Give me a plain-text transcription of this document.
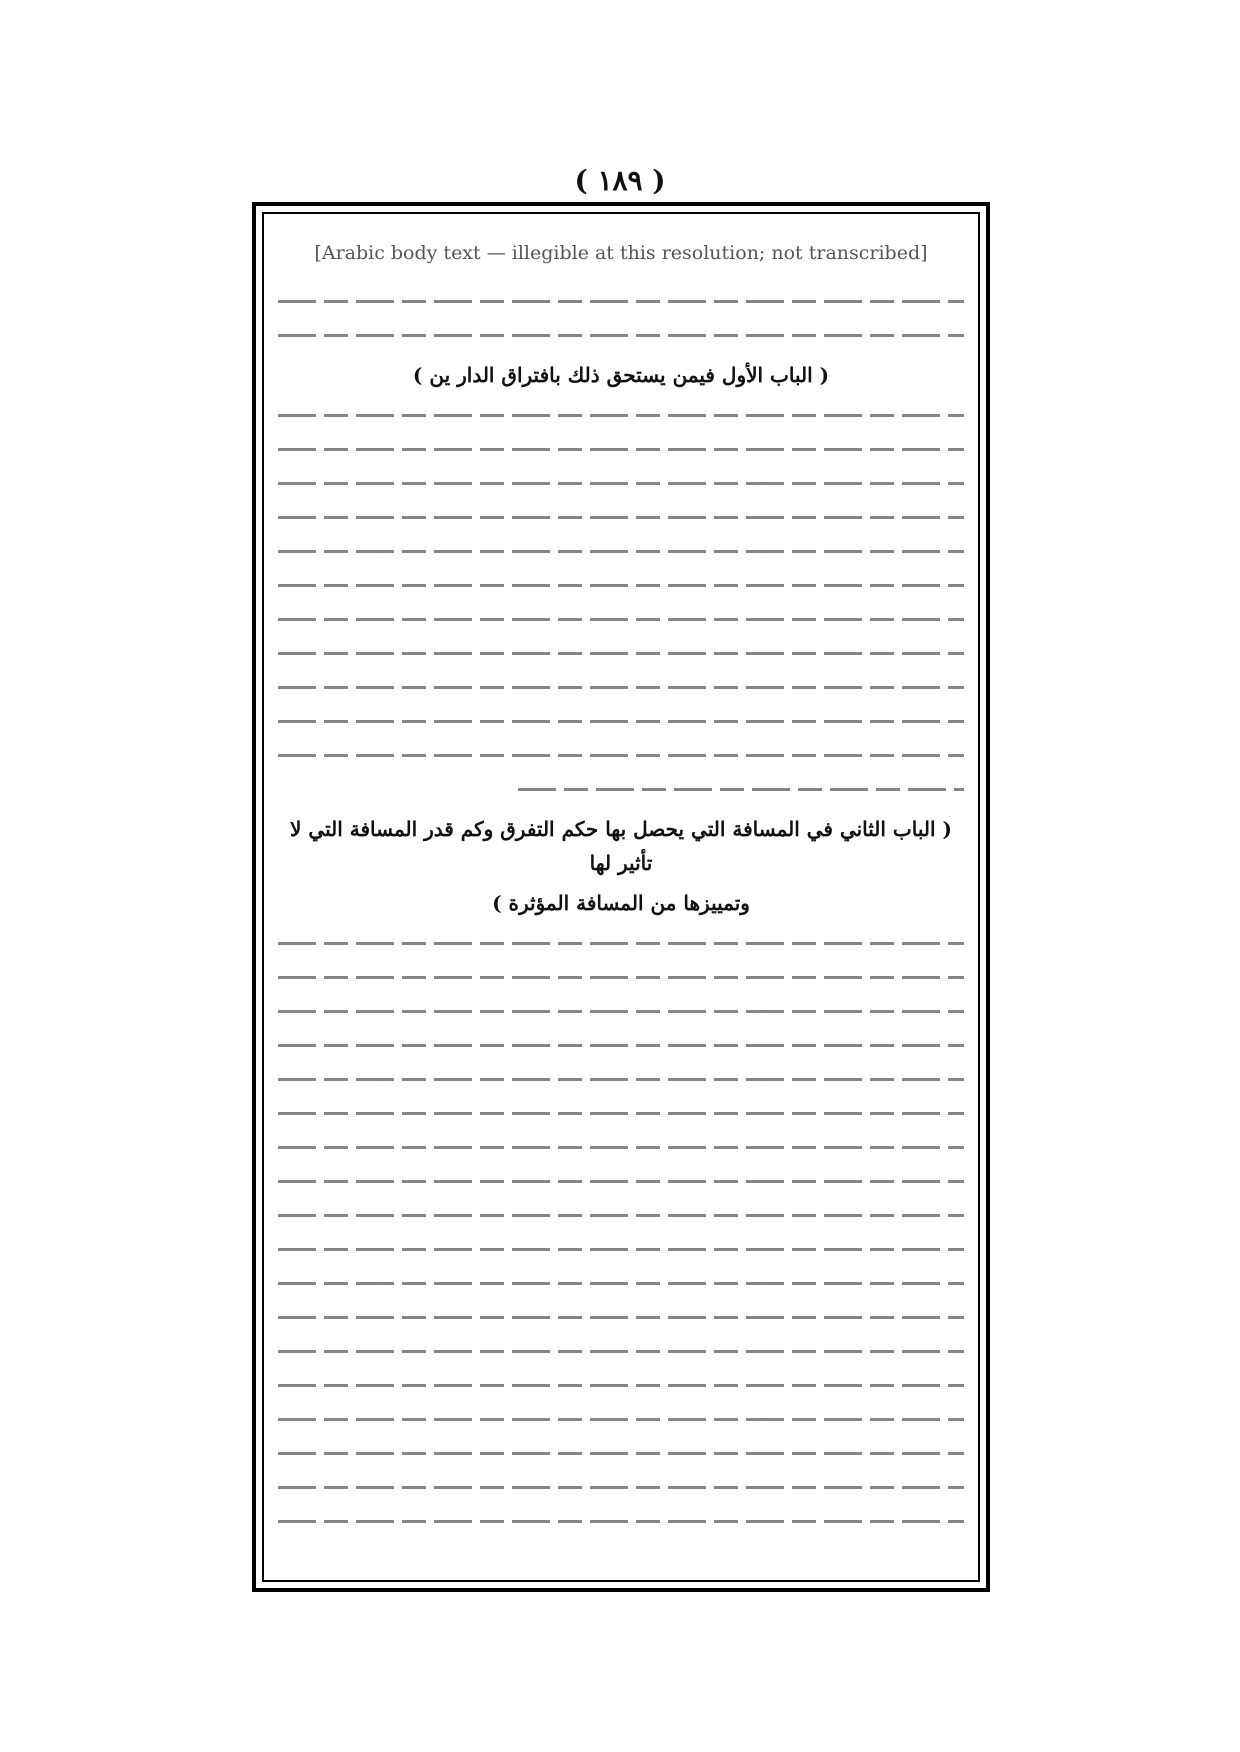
( ١٨٩ )
[Arabic body text — illegible at this resolution; not transcribed]
( الباب الأول فيمن يستحق ذلك بافتراق الدار ين )
( الباب الثاني في المسافة التي يحصل بها حكم التفرق وكم قدر المسافة التي لا تأثير لها
وتمييزها من المسافة المؤثرة )
